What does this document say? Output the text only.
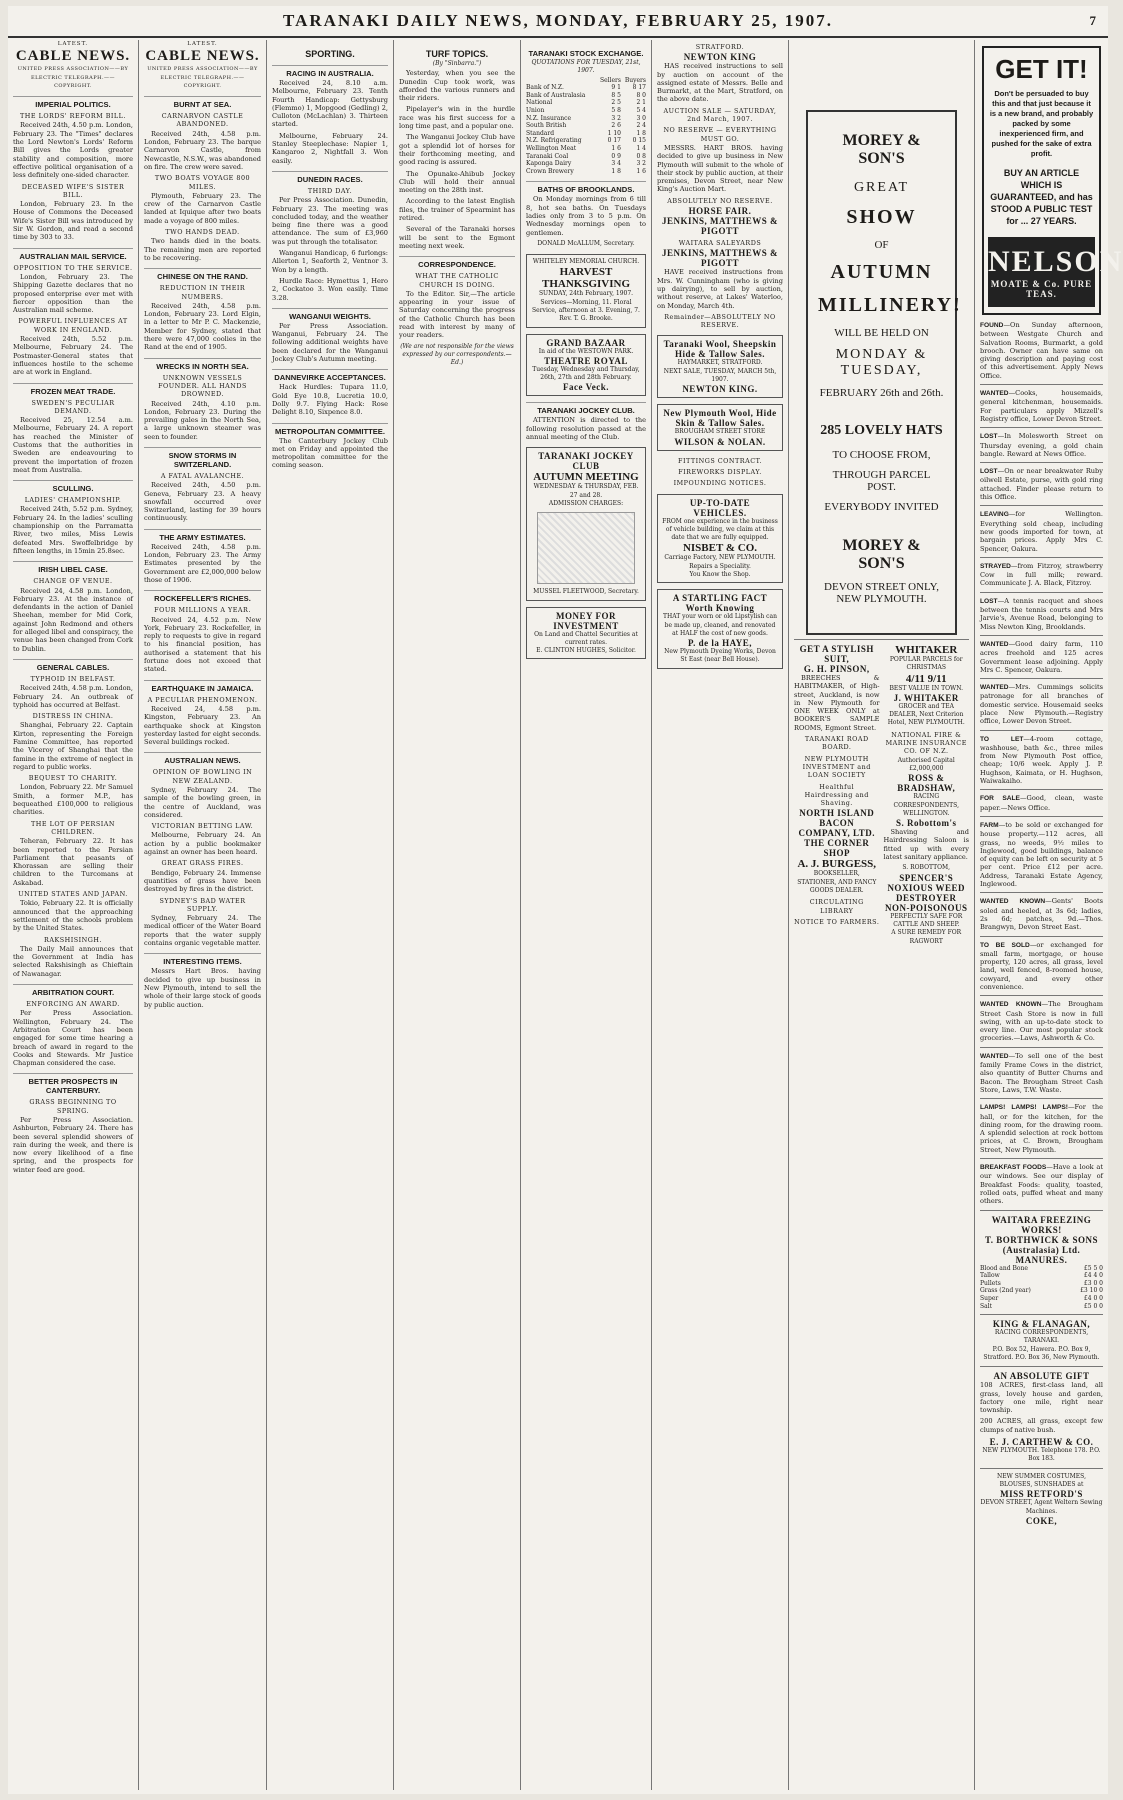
TARANAKI DAILY NEWS, MONDAY, FEBRUARY 25, 1907.	7
LATEST.
CABLE NEWS.
UNITED PRESS ASSOCIATION——BY ELECTRIC TELEGRAPH.——COPYRIGHT.
IMPERIAL POLITICS.
THE LORDS' REFORM BILL.

Received 24th, 4.50 p.m. London, February 23. The "Times" declares the Lord Newton's Lords' Reform Bill gives the Lords greater stability and composition, more effective political organisation of a less definitely one-sided character.

DECEASED WIFE'S SISTER BILL.

London, February 23. In the House of Commons the Deceased Wife's Sister Bill was introduced by Sir W. Gordon, and read a second time by 303 to 33.

AUSTRALIAN MAIL SERVICE.
OPPOSITION TO THE SERVICE.

London, February 23. The Shipping Gazette declares that no proposed enterprise ever met with fiercer opposition than the Australian mail scheme.

POWERFUL INFLUENCES AT WORK IN ENGLAND.

Received 24th, 5.52 p.m. Melbourne, February 24. The Postmaster-General states that influences hostile to the scheme are at work in England.

FROZEN MEAT TRADE.
SWEDEN'S PECULIAR DEMAND.

Received 25, 12.54 a.m. Melbourne, February 24. A report has reached the Minister of Customs that the authorities in Sweden are endeavouring to prevent the importation of frozen meat from Australia.

SCULLING.
LADIES' CHAMPIONSHIP.

Received 24th, 5.52 p.m. Sydney, February 24. In the ladies' sculling championship on the Parramatta River, two miles, Miss Lewis defeated Mrs. Swoffelbridge by fifteen lengths, in 15min 25.8sec.

IRISH LIBEL CASE.
CHANGE OF VENUE.

Received 24, 4.58 p.m. London, February 23. At the instance of defendants in the action of Daniel Sheehan, member for Mid Cork, against John Redmond and others for alleged libel and conspiracy, the venue has been changed from Cork to Dublin.

GENERAL CABLES.
TYPHOID IN BELFAST.

Received 24th, 4.58 p.m. London, February 24. An outbreak of typhoid has occurred at Belfast.

DISTRESS IN CHINA.

Shanghai, February 22. Captain Kirton, representing the Foreign Famine Committee, has reported the Viceroy of Shanghai that the famine in the extreme of neglect in regard to public works.

BEQUEST TO CHARITY.

London, February 22. Mr Samuel Smith, a former M.P., has bequeathed £100,000 to religious charities.

THE LOT OF PERSIAN CHILDREN.

Teheran, February 22. It has been reported to the Persian Parliament that peasants of Khorassan are selling their children to the Turcomans at Askabad.

UNITED STATES AND JAPAN.

Tokio, February 22. It is officially announced that the approaching settlement of the schools problem by the United States.

RAKSHISINGH.

The Daily Mail announces that the Government at India has selected Rakshisingh as Chieftain of Nawanagar.

ARBITRATION COURT.
ENFORCING AN AWARD.

Per Press Association. Wellington, February 24. The Arbitration Court has been engaged for some time hearing a breach of award in regard to the Cooks and Stewards. Mr Justice Chapman considered the case.

BETTER PROSPECTS IN CANTERBURY.
GRASS BEGINNING TO SPRING.

Per Press Association. Ashburton, February 24. There has been several splendid showers of rain during the week, and there is now every likelihood of a fine spring, and the prospects for winter feed are good.

LATEST.
CABLE NEWS.
UNITED PRESS ASSOCIATION——BY ELECTRIC TELEGRAPH.——COPYRIGHT.
BURNT AT SEA.
CARNARVON CASTLE ABANDONED.

Received 24th, 4.58 p.m. London, February 23. The barque Carnarvon Castle, from Newcastle, N.S.W., was abandoned on fire. The crew were saved.

TWO BOATS VOYAGE 800 MILES.

Plymouth, February 23. The crew of the Carnarvon Castle landed at Iquique after two boats made a voyage of 800 miles.

TWO HANDS DEAD.

Two hands died in the boats. The remaining men are reported to be recovering.

CHINESE ON THE RAND.
REDUCTION IN THEIR NUMBERS.

Received 24th, 4.58 p.m. London, February 23. Lord Elgin, in a letter to Mr P. C. Mackenzie, Member for Sydney, stated that there were 47,000 coolies in the Rand at the end of 1905.

WRECKS IN NORTH SEA.
UNKNOWN VESSELS FOUNDER. ALL HANDS DROWNED.

Received 24th, 4.10 p.m. London, February 23. During the prevailing gales in the North Sea, a large unknown steamer was seen to founder.

SNOW STORMS IN SWITZERLAND.
A FATAL AVALANCHE.

Received 24th, 4.50 p.m. Geneva, February 23. A heavy snowfall occurred over Switzerland, lasting for 39 hours continuously.

THE ARMY ESTIMATES.

Received 24th, 4.58 p.m. London, February 23. The Army Estimates presented by the Government are £2,000,000 below those of 1906.

ROCKEFELLER'S RICHES.
FOUR MILLIONS A YEAR.

Received 24, 4.52 p.m. New York, February 23. Rockefeller, in reply to requests to give in regard to his financial position, has authorised a statement that his fortune does not exceed that stated.

EARTHQUAKE IN JAMAICA.
A PECULIAR PHENOMENON.

Received 24, 4.58 p.m. Kingston, February 23. An earthquake shock at Kingston yesterday lasted for eight seconds. Several buildings rocked.

AUSTRALIAN NEWS.
OPINION OF BOWLING IN NEW ZEALAND.

Sydney, February 24. The sample of the bowling green, in the centre of Auckland, was considered.

VICTORIAN BETTING LAW.

Melbourne, February 24. An action by a public bookmaker against an owner has been heard.

GREAT GRASS FIRES.

Bendigo, February 24. Immense quantities of grass have been destroyed by fires in the district.

SYDNEY'S BAD WATER SUPPLY.

Sydney, February 24. The medical officer of the Water Board reports that the water supply contains organic vegetable matter.

INTERESTING ITEMS.

Messrs Hart Bros. having decided to give up business in New Plymouth, intend to sell the whole of their large stock of goods by public auction.

SPORTING.
RACING IN AUSTRALIA.

Received 24, 8.10 a.m. Melbourne, February 23. Tenth Fourth Handicap: Gettysburg (Flemmo) 1, Mopgood (Gedling) 2, Culloton (McLachlan) 3. Thirteen started.

Melbourne, February 24. Stanley Steeplechase: Napier 1, Kangaroo 2, Nightfall 3. Won easily.

DUNEDIN RACES.
THIRD DAY.

Per Press Association. Dunedin, February 23. The meeting was concluded today, and the weather being fine there was a good attendance. The sum of £3,960 was put through the totalisator.

Wanganui Handicap, 6 furlongs: Allerton 1, Seaforth 2, Ventnor 3. Won by a length.

Hurdle Race: Hymettus 1, Hero 2, Cockatoo 3. Won easily. Time 3.28.

WANGANUI WEIGHTS.

Per Press Association. Wanganui, February 24. The following additional weights have been declared for the Wanganui Jockey Club's Autumn meeting.

DANNEVIRKE ACCEPTANCES.

Hack Hurdles: Tupara 11.0, Gold Eye 10.8, Lucretia 10.0, Dolly 9.7. Flying Hack: Rose Delight 8.10, Sixpence 8.0.

METROPOLITAN COMMITTEE.

The Canterbury Jockey Club met on Friday and appointed the metropolitan committee for the coming season.

TURF TOPICS.
(By "Sinbarra.")

Yesterday, when you see the Dunedin Cup took work, was afforded the various runners and their riders.

Pipelayer's win in the hurdle race was his first success for a long time past, and a popular one.

The Wanganui Jockey Club have got a splendid lot of horses for their forthcoming meeting, and good racing is assured.

The Opunake-Ahibub Jockey Club will hold their annual meeting on the 28th inst.

According to the latest English files, the trainer of Spearmint has retired.

Several of the Taranaki horses will be sent to the Egmont meeting next week.

CORRESPONDENCE.
WHAT THE CATHOLIC CHURCH IS DOING.

To the Editor. Sir,—The article appearing in your issue of Saturday concerning the progress of the Catholic Church has been read with interest by many of your readers.

(We are not responsible for the views expressed by our correspondents.—Ed.)
TARANAKI STOCK EXCHANGE.
QUOTATIONS FOR TUESDAY, 21st, 1907.
	Sellers	Buyers
Bank of N.Z.	9 1	8 17
Bank of Australasia	8 5	8 0
National	2 5	2 1
Union	5 8	5 4
N.Z. Insurance	3 2	3 0
South British	2 6	2 4
Standard	1 10	1 8
N.Z. Refrigerating	0 17	0 15
Wellington Meat	1 6	1 4
Taranaki Coal	0 9	0 8
Kaponga Dairy	3 4	3 2
Crown Brewery	1 8	1 6
BATHS OF BROOKLANDS.

On Monday mornings from 6 till 8, hot sea baths. On Tuesdays ladies only from 3 to 5 p.m. On Wednesday mornings open to gentlemen.

DONALD McALLUM, Secretary.
WHITELEY MEMORIAL CHURCH.
HARVEST THANKSGIVING
SUNDAY, 24th February, 1907. Services—Morning, 11. Floral Service, afternoon at 3. Evening, 7. Rev. T. G. Brooke.
GRAND BAZAAR
In aid of the WESTOWN PARK.
THEATRE ROYAL
Tuesday, Wednesday and Thursday, 26th, 27th and 28th February.
Face Veck.
TARANAKI JOCKEY CLUB.

ATTENTION is directed to the following resolution passed at the annual meeting of the Club.

TARANAKI JOCKEY CLUB
AUTUMN MEETING
WEDNESDAY & THURSDAY, FEB. 27 and 28.
ADMISSION CHARGES:
MUSSEL FLEETWOOD, Secretary.
MONEY FOR INVESTMENT
On Land and Chattel Securities at current rates.
E. CLINTON HUGHES, Solicitor.
STRATFORD.
NEWTON KING

HAS received instructions to sell by auction on account of the assigned estate of Messrs. Belle and Burmarkt, at the Mart, Stratford, on the above date.

AUCTION SALE — SATURDAY, 2nd March, 1907.
NO RESERVE — EVERYTHING MUST GO.

MESSRS. HART BROS. having decided to give up business in New Plymouth will submit to the whole of their stock by public auction, at their premises, Devon Street, near New King's Auction Mart.

ABSOLUTELY NO RESERVE.
HORSE FAIR.
JENKINS, MATTHEWS & PIGOTT
WAITARA SALEYARDS
JENKINS, MATTHEWS & PIGOTT

HAVE received instructions from Mrs. W. Cunningham (who is giving up dairying), to sell by auction, without reserve, at Lakes' Waterloo, on Monday, March 4th.

Remainder—ABSOLUTELY NO RESERVE.
Taranaki Wool, Sheepskin Hide & Tallow Sales.
HAYMARKET, STRATFORD.
NEXT SALE, TUESDAY, MARCH 5th, 1907.
NEWTON KING.
New Plymouth Wool, Hide Skin & Tallow Sales.
BROUGHAM STREET STORE
WILSON & NOLAN.
FITTINGS CONTRACT.
FIREWORKS DISPLAY.
IMPOUNDING NOTICES.
UP-TO-DATE VEHICLES.
FROM one experience in the business of vehicle building, we claim at this date that we are fully equipped.
NISBET & CO.
Carriage Factory, NEW PLYMOUTH.
Repairs a Speciality.
You Know the Shop.
A STARTLING FACT Worth Knowing
THAT your worn or old Lipstylish can be made up, cleaned, and renovated at HALF the cost of new goods.
P. de la HAYE,
New Plymouth Dyeing Works, Devon St East (near Bell House).
MOREY & SON'S
GREAT
SHOW
OF
AUTUMN
MILLINERY!
WILL BE HELD ON
MONDAY & TUESDAY,
FEBRUARY 26th and 26th.
285 LOVELY HATS
TO CHOOSE FROM,
THROUGH PARCEL POST.
EVERYBODY INVITED
MOREY & SON'S
DEVON STREET ONLY, NEW PLYMOUTH.
GET A STYLISH SUIT,
G. H. PINSON,

BREECHES & HABITMAKER, of High-street, Auckland, is now in New Plymouth for ONE WEEK ONLY at BOOKER'S SAMPLE ROOMS, Egmont Street.

TARANAKI ROAD BOARD.
NEW PLYMOUTH INVESTMENT and LOAN SOCIETY
Healthful Hairdressing and Shaving.
NORTH ISLAND BACON COMPANY, LTD.
THE CORNER SHOP
A. J. BURGESS,
BOOKSELLER, STATIONER, AND FANCY GOODS DEALER.
CIRCULATING LIBRARY
NOTICE TO FARMERS.
WHITAKER
POPULAR PARCELS for CHRISTMAS
4/11 9/11
BEST VALUE IN TOWN.
J. WHITAKER
GROCER and TEA DEALER, Next Criterion Hotel, NEW PLYMOUTH.
NATIONAL FIRE & MARINE INSURANCE CO. OF N.Z.
Authorised Capital £2,000,000
ROSS & BRADSHAW,
RACING CORRESPONDENTS, WELLINGTON.
S. Robottom's

Shaving and Hairdressing Saloon is fitted up with every latest sanitary appliance.

S. ROBOTTOM,
SPENCER'S NOXIOUS WEED DESTROYER
NON-POISONOUS
PERFECTLY SAFE FOR CATTLE AND SHEEP.
A SURE REMEDY FOR RAGWORT
GET IT!
Don't be persuaded to buy this and that just because it is a new brand, and probably packed by some inexperienced firm, and pushed for the sake of extra profit.
BUY AN ARTICLE WHICH IS GUARANTEED, and has STOOD A PUBLIC TEST for ... 27 YEARS.
NELSON
MOATE & Co. PURE TEAS.

FOUND—On Sunday afternoon, between Westgate Church and Salvation Rooms, Burmarkt, a gold brooch. Owner can have same on giving description and paying cost of this advertisement. Apply News Office.

WANTED—Cooks, housemaids, general kitchenman, housemaids. For particulars apply Mizzell's Registry office, Lower Devon Street.

LOST—In Molesworth Street on Thursday evening, a gold chain bangle. Reward at News Office.

LOST—On or near breakwater Ruby oilwell Estate, purse, with gold ring attached. Finder please return to this Office.

LEAVING—for Wellington. Everything sold cheap, including new goods imported for town, at bargain prices. Apply Mrs C. Spencer, Oakura.

STRAYED—from Fitzroy, strawberry Cow in full milk; reward. Communicate J. A. Black, Fitzroy.

LOST—A tennis racquet and shoes between the tennis courts and Mrs Jarvie's, Avenue Road, belonging to Miss Newton King, Brooklands.

WANTED—Good dairy farm, 110 acres freehold and 125 acres Government lease adjoining. Apply Mrs C. Spencer, Oakura.

WANTED—Mrs. Cummings solicits patronage for all branches of domestic service. Housemaid seeks place New Plymouth.—Registry office, Lower Devon Street.

TO LET—4-room cottage, washhouse, bath &c., three miles from New Plymouth Post office, cheap; 10/6 week. Apply J. P. Hughson, Kaimata, or H. Hughson, Waiwakaiho.

FOR SALE—Good, clean, waste paper.—News Office.

FARM—to be sold or exchanged for house property.—112 acres, all grass, no weeds, 9½ miles to Inglewood, good buildings, balance of equity can be left on security at 5 per cent. Price £12 per acre. Address, Taranaki Estate Agency, Inglewood.

WANTED KNOWN—Gents' Boots soled and heeled, at 3s 6d; ladies, 2s 6d; patches, 9d.—Thos. Brangwyn, Devon Street East.

TO BE SOLD—or exchanged for small farm, mortgage, or house property, 120 acres, all grass, level land, well fenced, 8-roomed house, cowyard, and every other convenience.

WANTED KNOWN—The Brougham Street Cash Store is now in full swing, with an up-to-date stock to every line. Our most popular stock groceries.—Laws, Ashworth & Co.

WANTED—To sell one of the best family Frame Cows in the district, also quantity of Butter Churns and Bacon. The Brougham Street Cash Store, Laws, T.W. Waste.

LAMPS! LAMPS! LAMPS!—For the hall, or for the kitchen, for the dining room, for the drawing room. A splendid selection at rock bottom prices, at C. Brown, Brougham Street, New Plymouth.

BREAKFAST FOODS—Have a look at our windows. See our display of Breakfast Foods: quality, toasted, rolled oats, puffed wheat and many others.

WAITARA FREEZING WORKS!
T. BORTHWICK & SONS (Australasia) Ltd.
MANURES.
Blood and Bone	£5 5 0
Tallow	£4 4 0
Pullets	£3 0 0
Grass (2nd year)	£3 10 0
Super	£4 0 0
Salt	£5 0 0
KING & FLANAGAN,
RACING CORRESPONDENTS, TARANAKI.
P.O. Box 52, Hawera. P.O. Box 9, Stratford. P.O. Box 36, New Plymouth.
AN ABSOLUTE GIFT

108 ACRES, first-class land, all grass, lovely house and garden, factory one mile, right near township.

200 ACRES, all grass, except few clumps of native bush.

E. J. CARTHEW & CO.
NEW PLYMOUTH. Telephone 178. P.O. Box 183.
NEW SUMMER COSTUMES, BLOUSES, SUNSHADES at
MISS RETFORD'S
DEVON STREET, Agent Weltern Sewing Machines.
COKE,
